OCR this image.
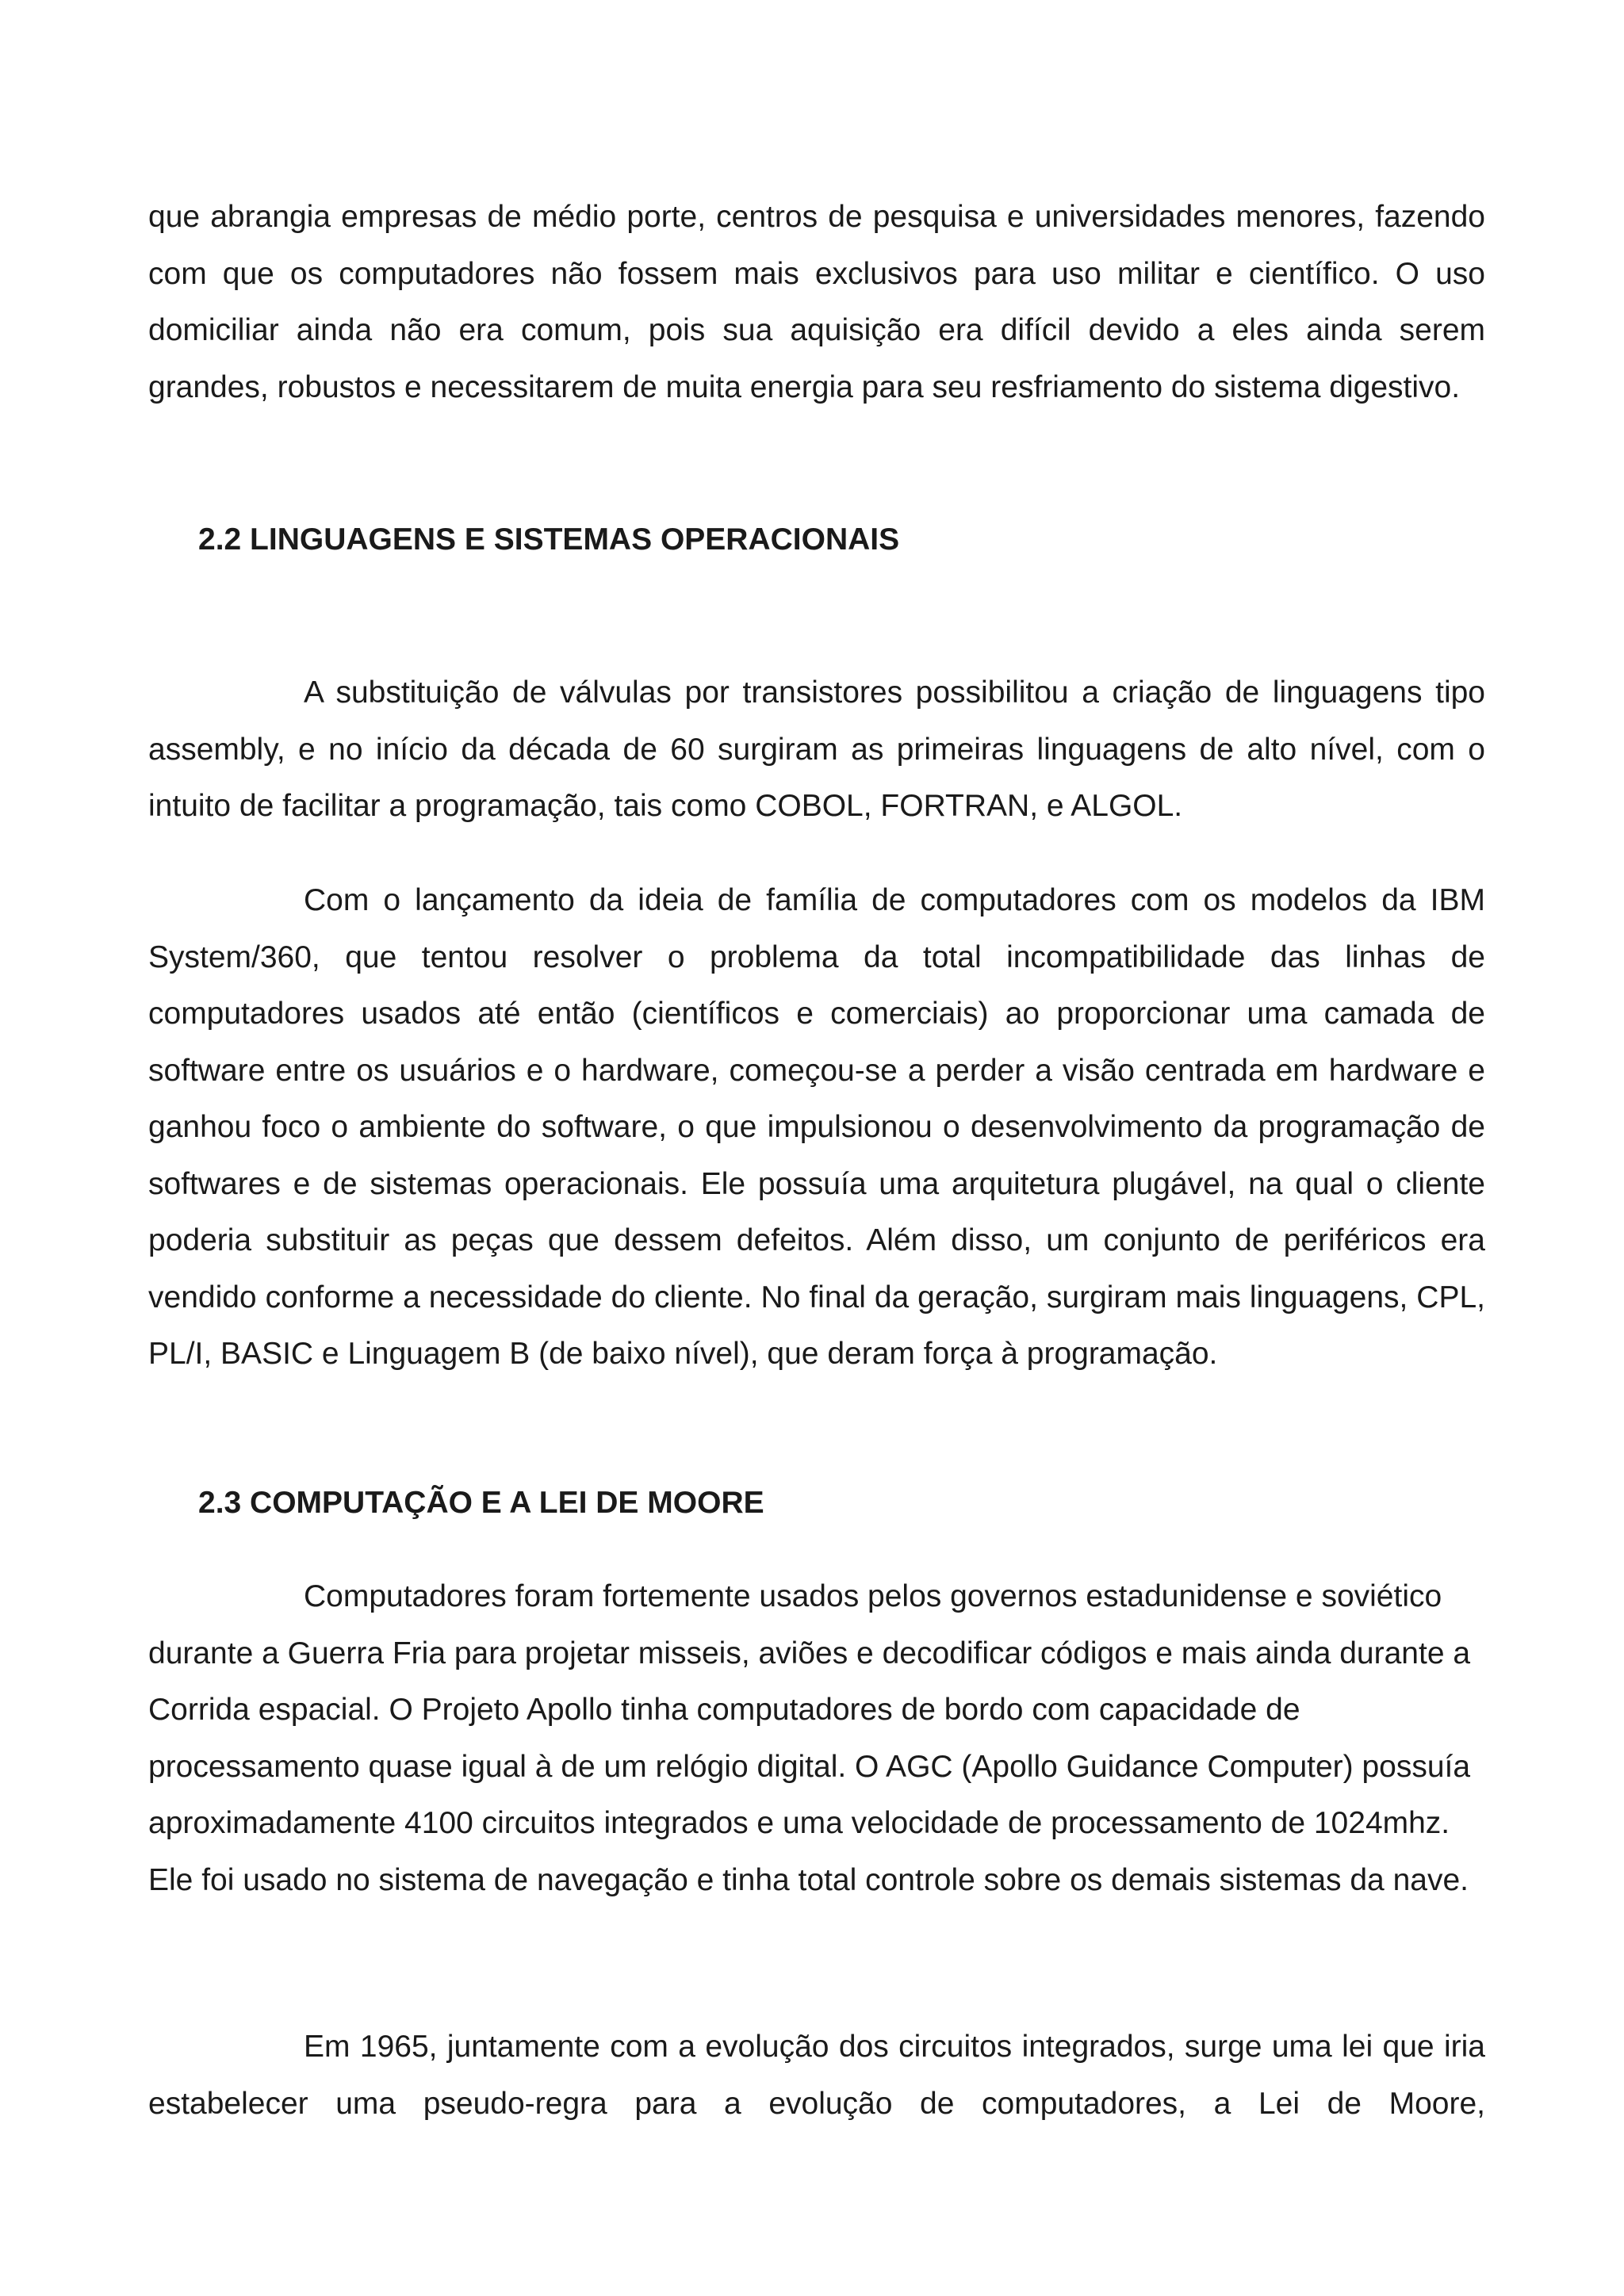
que abrangia empresas de médio porte, centros de pesquisa e universidades menores, fazendo com que os computadores não fossem mais exclusivos para uso militar e científico. O uso domiciliar ainda não era comum, pois sua aquisição era difícil devido a eles ainda serem grandes, robustos e necessitarem de muita energia para seu resfriamento do sistema digestivo.

2.2 LINGUAGENS E SISTEMAS OPERACIONAIS

A substituição de válvulas por transistores possibilitou a criação de linguagens tipo assembly, e no início da década de 60 surgiram as primeiras linguagens de alto nível, com o intuito de facilitar a programação, tais como COBOL, FORTRAN, e ALGOL.

Com o lançamento da ideia de família de computadores com os modelos da IBM System/360, que tentou resolver o problema da total incompatibilidade das linhas de computadores usados até então (científicos e comerciais) ao proporcionar uma camada de software entre os usuários e o hardware, começou-se a perder a visão centrada em hardware e ganhou foco o ambiente do software, o que impulsionou o desenvolvimento da programação de softwares e de sistemas operacionais. Ele possuía uma arquitetura plugável, na qual o cliente poderia substituir as peças que dessem defeitos. Além disso, um conjunto de periféricos era vendido conforme a necessidade do cliente. No final da geração, surgiram mais linguagens, CPL, PL/I, BASIC e Linguagem B (de baixo nível), que deram força à programação.

2.3 COMPUTAÇÃO E A LEI DE MOORE

Computadores foram fortemente usados pelos governos estadunidense e soviético durante a Guerra Fria para projetar misseis, aviões e decodificar códigos e mais ainda durante a Corrida espacial. O Projeto Apollo tinha computadores de bordo com capacidade de processamento quase igual à de um relógio digital. O AGC (Apollo Guidance Computer) possuía aproximadamente 4100 circuitos integrados e uma velocidade de processamento de 1024mhz. Ele foi usado no sistema de navegação e tinha total controle sobre os demais sistemas da nave.

Em 1965, juntamente com a evolução dos circuitos integrados, surge uma lei que iria estabelecer uma pseudo-regra para a evolução de computadores, a Lei de Moore,
